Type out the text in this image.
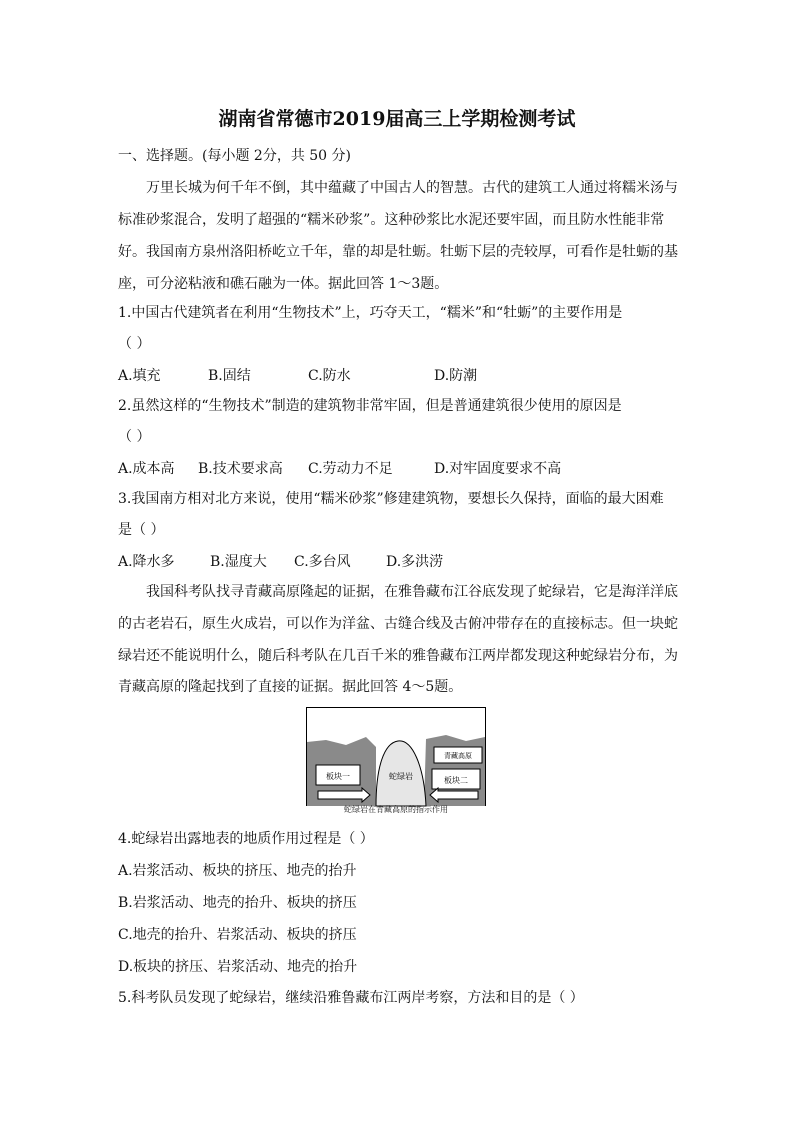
湖南省常德市2019届高三上学期检测考试
一、选择题。(每小题 2分，共 50 分)
万里长城为何千年不倒，其中蕴藏了中国古人的智慧。古代的建筑工人通过将糯米汤与
标准砂浆混合，发明了超强的“糯米砂浆”。这种砂浆比水泥还要牢固，而且防水性能非常
好。我国南方泉州洛阳桥屹立千年，靠的却是牡蛎。牡蛎下层的壳较厚，可看作是牡蛎的基
座，可分泌粘液和礁石融为一体。据此回答 1～3题。
1.中国古代建筑者在利用“生物技术”上，巧夺天工，“糯米”和“牡蛎”的主要作用是
（ ）
A.填充	B.固结	C.防水	D.防潮
2.虽然这样的“生物技术”制造的建筑物非常牢固，但是普通建筑很少使用的原因是
（ ）
A.成本高 B.技术要求高 C.劳动力不足	D.对牢固度要求不高
3.我国南方相对北方来说，使用“糯米砂浆”修建建筑物，要想长久保持，面临的最大困难
是（ ）
A.降水多	B.湿度大 C.多台风	D.多洪涝
我国科考队找寻青藏高原隆起的证据，在雅鲁藏布江谷底发现了蛇绿岩，它是海洋洋底
的古老岩石，原生火成岩，可以作为洋盆、古缝合线及古俯冲带存在的直接标志。但一块蛇
绿岩还不能说明什么，随后科考队在几百千米的雅鲁藏布江两岸都发现这种蛇绿岩分布，为
青藏高原的隆起找到了直接的证据。据此回答 4～5题。
板块一	板块二
青藏高原
蛇绿岩
蛇绿岩在青藏高原的指示作用
4.蛇绿岩出露地表的地质作用过程是（ ）
A.岩浆活动、板块的挤压、地壳的抬升
B.岩浆活动、地壳的抬升、板块的挤压
C.地壳的抬升、岩浆活动、板块的挤压
D.板块的挤压、岩浆活动、地壳的抬升
5.科考队员发现了蛇绿岩，继续沿雅鲁藏布江两岸考察，方法和目的是（ ）
